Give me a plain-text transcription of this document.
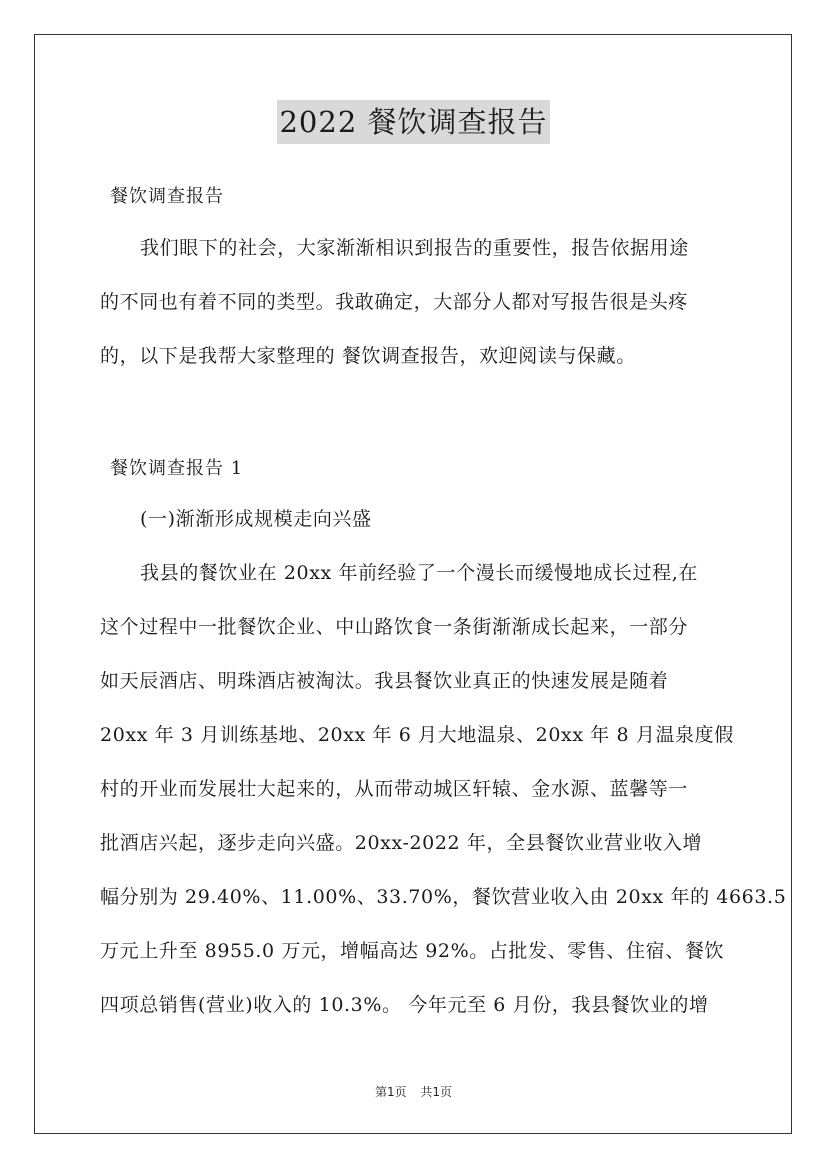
2022 餐饮调查报告
餐饮调查报告
我们眼下的社会，大家渐渐相识到报告的重要性，报告依据用途
的不同也有着不同的类型。我敢确定，大部分人都对写报告很是头疼
的，以下是我帮大家整理的 餐饮调查报告，欢迎阅读与保藏。
餐饮调查报告 1
(一)渐渐形成规模走向兴盛
我县的餐饮业在 20xx 年前经验了一个漫长而缓慢地成长过程,在
这个过程中一批餐饮企业、中山路饮食一条街渐渐成长起来，一部分
如天辰酒店、明珠酒店被淘汰。我县餐饮业真正的快速发展是随着
20xx 年 3 月训练基地、20xx 年 6 月大地温泉、20xx 年 8 月温泉度假
村的开业而发展壮大起来的，从而带动城区轩辕、金水源、蓝馨等一
批酒店兴起，逐步走向兴盛。20xx-2022 年，全县餐饮业营业收入增
幅分别为 29.40%、11.00%、33.70%，餐饮营业收入由 20xx 年的 4663.5
万元上升至 8955.0 万元，增幅高达 92%。占批发、零售、住宿、餐饮
四项总销售(营业)收入的 10.3%。 今年元至 6 月份，我县餐饮业的增
第1页 共1页
